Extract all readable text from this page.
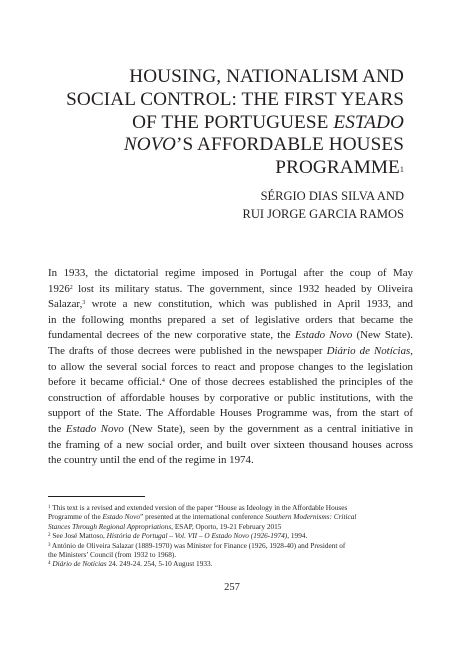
HOUSING, NATIONALISM AND
SOCIAL CONTROL: THE FIRST YEARS
OF THE PORTUGUESE ESTADO
NOVO’S AFFORDABLE HOUSES
PROGRAMME$^1$
SÉRGIO DIAS SILVA AND
RUI JORGE GARCIA RAMOS
In 1933, the dictatorial regime imposed in Portugal after the coup of May
1926$^2$ lost its military status. The government, since 1932 headed by Oliveira
Salazar,$^3$ wrote a new constitution, which was published in April 1933, and
in the following months prepared a set of legislative orders that became the
fundamental decrees of the new corporative state, the Estado Novo (New State).
The drafts of those decrees were published in the newspaper Diário de Notícias,
to allow the several social forces to react and propose changes to the legislation
before it became official.$^4$ One of those decrees established the principles of the
construction of affordable houses by corporative or public institutions, with the
support of the State. The Affordable Houses Programme was, from the start of
the Estado Novo (New State), seen by the government as a central initiative in
the framing of a new social order, and built over sixteen thousand houses across
the country until the end of the regime in 1974.
$^1$ This text is a revised and extended version of the paper “House as Ideology in the Affordable Houses
Programme of the Estado Novo” presented at the international conference Southern Modernisms: Critical
Stances Through Regional Appropriations, ESAP, Oporto, 19-21 February 2015
$^2$ See José Mattoso, História de Portugal – Vol. VII – O Estado Novo (1926-1974), 1994.
$^3$ António de Oliveira Salazar (1889-1970) was Minister for Finance (1926, 1928-40) and President of
the Ministers’ Council (from 1932 to 1968).
$^4$ Diário de Notícias 24. 249-24. 254, 5-10 August 1933.
257
